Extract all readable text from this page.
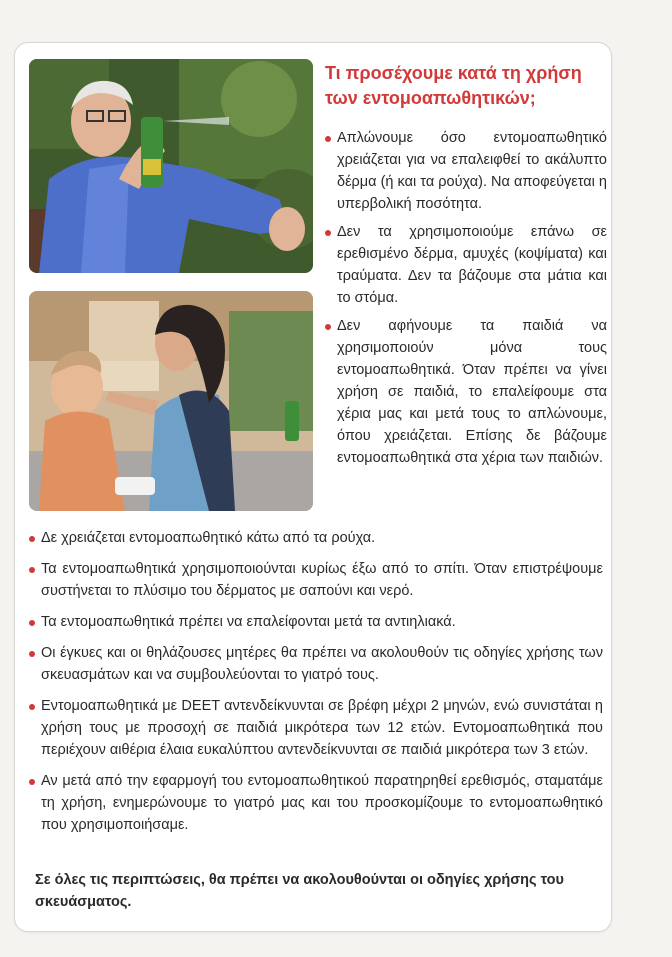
Τι προσέχουμε κατά τη χρήση των εντομοαπωθητικών;
Απλώνουμε όσο εντομοαπωθητικό χρειάζεται για να επαλειφθεί το ακάλυπτο δέρμα (ή και τα ρούχα). Να αποφεύγεται η υπερβολική ποσότητα.
Δεν τα χρησιμοποιούμε επάνω σε ερεθισμένο δέρμα, αμυχές (κοψίματα) και τραύματα. Δεν τα βάζουμε στα μάτια και το στόμα.
Δεν αφήνουμε τα παιδιά να χρησιμοποιούν μόνα τους εντομοαπωθητικά. Όταν πρέπει να γίνει χρήση σε παιδιά, το επαλείφουμε στα χέρια μας και μετά τους το απλώνουμε, όπου χρειάζεται. Επίσης δε βάζουμε εντομοαπωθητικά στα χέρια των παιδιών.
Δε χρειάζεται εντομοαπωθητικό κάτω από τα ρούχα.
Τα εντομοαπωθητικά χρησιμοποιούνται κυρίως έξω από το σπίτι. Όταν επιστρέψουμε συστήνεται το πλύσιμο του δέρματος με σαπούνι και νερό.
Τα εντομοαπωθητικά πρέπει να επαλείφονται μετά τα αντιηλιακά.
Οι έγκυες και οι θηλάζουσες μητέρες θα πρέπει να ακολουθούν τις οδηγίες χρήσης των σκευασμάτων και να συμβουλεύονται το γιατρό τους.
Εντομοαπωθητικά με DEET αντενδείκνυνται σε βρέφη μέχρι 2 μηνών, ενώ συνιστάται η χρήση τους με προσοχή σε παιδιά μικρότερα των 12 ετών. Εντομοαπωθητικά που περιέχουν αιθέρια έλαια ευκαλύπτου αντενδείκνυνται σε παιδιά μικρότερα των 3 ετών.
Αν μετά από την εφαρμογή του εντομοαπωθητικού παρατηρηθεί ερεθισμός, σταματάμε τη χρήση, ενημερώνουμε το γιατρό μας και του προσκομίζουμε το εντομοαπωθητικό που χρησιμοποιήσαμε.

Σε όλες τις περιπτώσεις, θα πρέπει να ακολουθούνται οι οδηγίες χρήσης του σκευάσματος.
